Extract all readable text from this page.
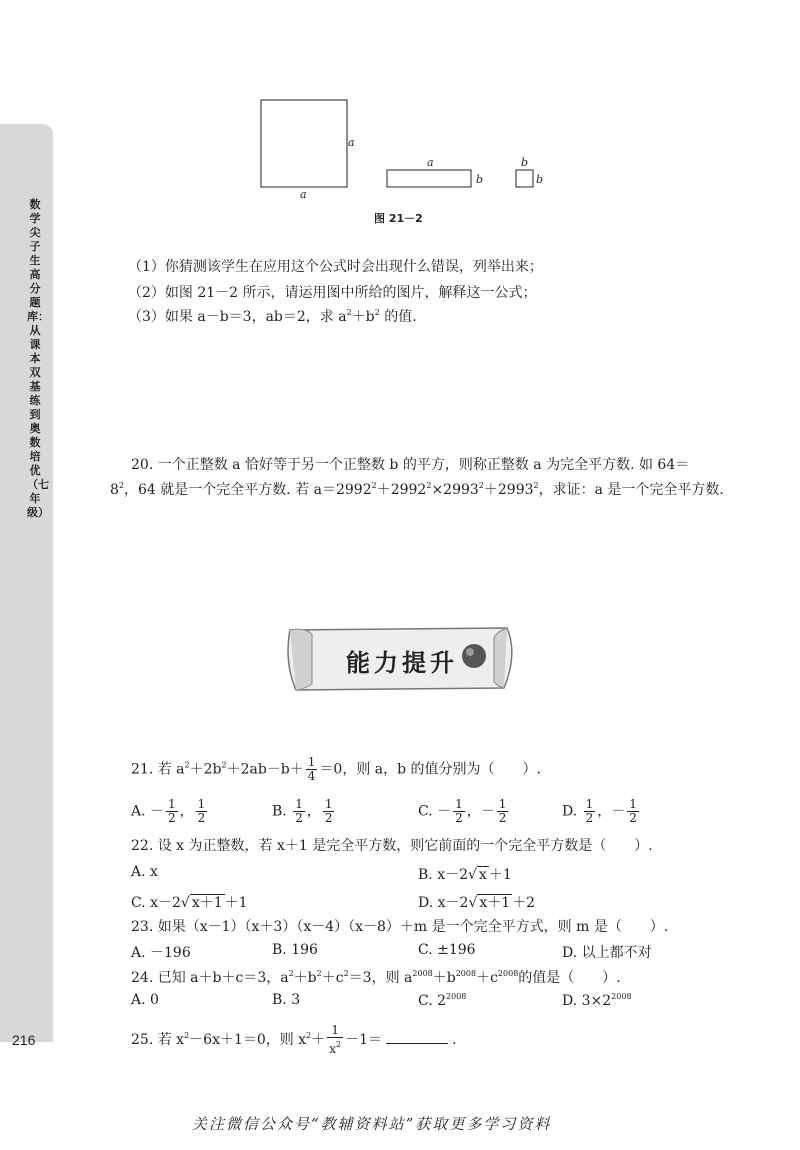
数学尖子生高分题库：从课本双基练到奥数培优（七年级）
216
a
a
a
b
b
b
图 21－2
（1）你猜测该学生在应用这个公式时会出现什么错误，列举出来；
（2）如图 21－2 所示，请运用图中所给的图片，解释这一公式；
（3）如果 a－b＝3，ab＝2，求 $a^2+b^2$ 的值.
20. 一个正整数 a 恰好等于另一个正整数 b 的平方，则称正整数 a 为完全平方数. 如 64＝
$8^2$，64 就是一个完全平方数. 若 $a=2992^2+2992^2\times 2993^2+2993^2$，求证：a 是一个完全平方数.
能力提升
21. 若 $a^2+2b^2+2ab-b+ \frac{1}{4} =0$，则 a，b 的值分别为（　　）.
A. － $\frac{1}{2}$ ， $\frac{1}{2}$	B. $\frac{1}{2}$ ， $\frac{1}{2}$	C. － $\frac{1}{2}$ ，－ $\frac{1}{2}$	D. $\frac{1}{2}$ ，－ $\frac{1}{2}$
22. 设 x 为正整数，若 x＋1 是完全平方数，则它前面的一个完全平方数是（　　）.
A. x	B. x－2√ x ＋1
C. x－2√ x＋1 ＋1	D. x－2√ x＋1 ＋2
23. 如果（x－1）（x＋3）（x－4）（x－8）＋m 是一个完全平方式，则 m 是（　　）.
A. －196	B. 196	C. ±196	D. 以上都不对
24. 已知 a＋b＋c＝3，$a^2+b^2+c^2=3$，则 $a^{2008}+b^{2008}+c^{2008}$的值是（　　）.
A. 0	B. 3	C. $2^{2008}$	D. $3\times 2^{2008}$
25. 若 $x^2-6x+1=0$，则 $x^2+ \frac{1}{x^2} -1=$	.
关注微信公众号“教辅资料站”获取更多学习资料
